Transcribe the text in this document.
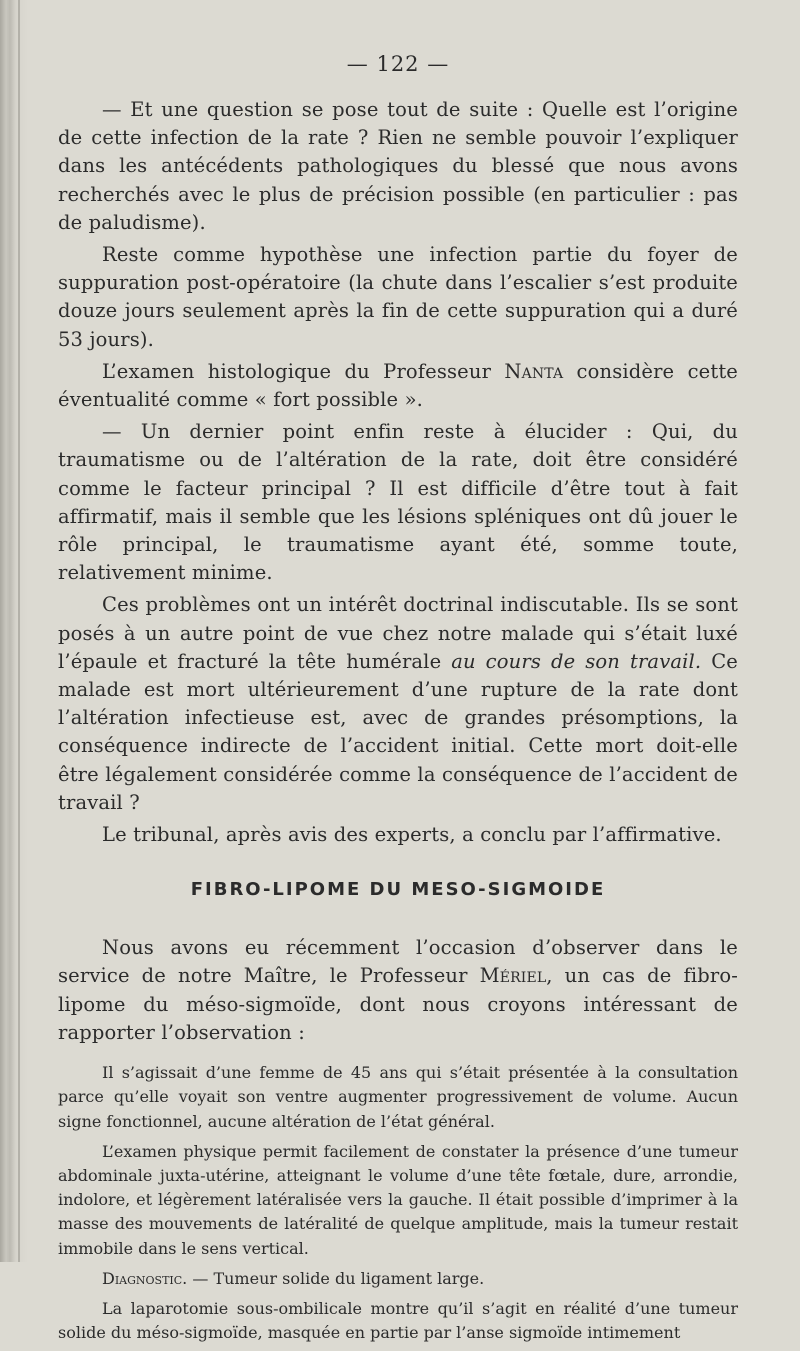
— 122 —

— Et une question se pose tout de suite : Quelle est l’origine de cette infection de la rate ? Rien ne semble pouvoir l’expliquer dans les antécédents pathologiques du blessé que nous avons recherchés avec le plus de précision possible (en particulier : pas de paludisme).

Reste comme hypothèse une infection partie du foyer de suppuration post-opératoire (la chute dans l’escalier s’est produite douze jours seulement après la fin de cette suppuration qui a duré 53 jours).

L’examen histologique du Professeur Nanta considère cette éventualité comme « fort possible ».

— Un dernier point enfin reste à élucider : Qui, du traumatisme ou de l’altération de la rate, doit être considéré comme le facteur principal ? Il est difficile d’être tout à fait affirmatif, mais il semble que les lésions spléniques ont dû jouer le rôle principal, le traumatisme ayant été, somme toute, relativement minime.

Ces problèmes ont un intérêt doctrinal indiscutable. Ils se sont posés à un autre point de vue chez notre malade qui s’était luxé l’épaule et fracturé la tête humérale au cours de son travail. Ce malade est mort ultérieurement d’une rupture de la rate dont l’altération infectieuse est, avec de grandes présomptions, la conséquence indirecte de l’accident initial. Cette mort doit-elle être légalement considérée comme la conséquence de l’accident de travail ?

Le tribunal, après avis des experts, a conclu par l’affirmative.

FIBRO-LIPOME DU MESO-SIGMOIDE

Nous avons eu récemment l’occasion d’observer dans le service de notre Maître, le Professeur Mériel, un cas de fibro-lipome du méso-sigmoïde, dont nous croyons intéressant de rapporter l’observation :

Il s’agissait d’une femme de 45 ans qui s’était présentée à la consultation parce qu’elle voyait son ventre augmenter progressivement de volume. Aucun signe fonctionnel, aucune altération de l’état général.

L’examen physique permit facilement de constater la présence d’une tumeur abdominale juxta-utérine, atteignant le volume d’une tête fœtale, dure, arrondie, indolore, et légèrement latéralisée vers la gauche. Il était possible d’imprimer à la masse des mouvements de latéralité de quelque amplitude, mais la tumeur restait immobile dans le sens vertical.

Diagnostic. — Tumeur solide du ligament large.

La laparotomie sous-ombilicale montre qu’il s’agit en réalité d’une tumeur solide du méso-sigmoïde, masquée en partie par l’anse sigmoïde intimement
